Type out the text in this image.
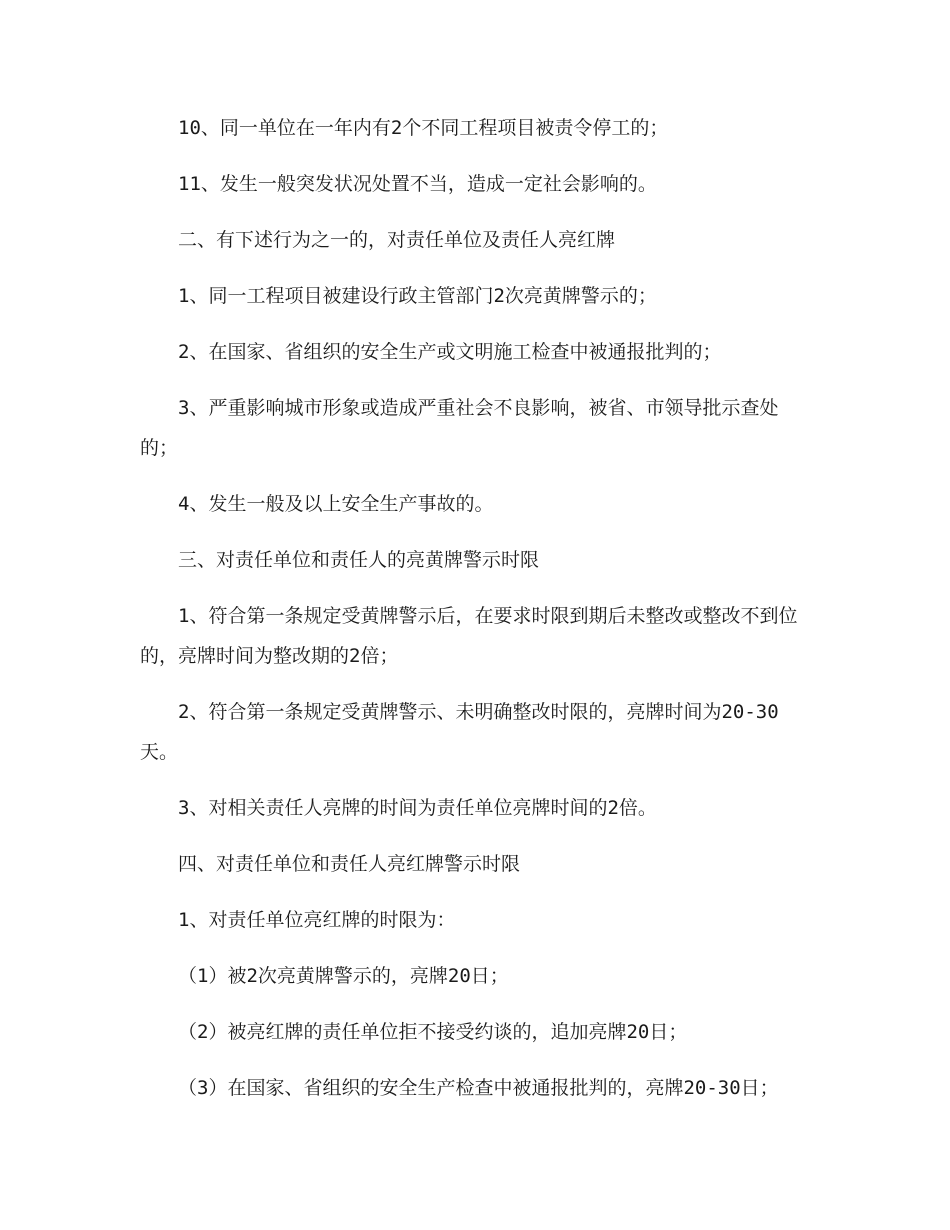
10、同一单位在一年内有2个不同工程项目被责令停工的；

11、发生一般突发状况处置不当，造成一定社会影响的。

二、有下述行为之一的，对责任单位及责任人亮红牌

1、同一工程项目被建设行政主管部门2次亮黄牌警示的；

2、在国家、省组织的安全生产或文明施工检查中被通报批判的；

3、严重影响城市形象或造成严重社会不良影响，被省、市领导批示查处的；

4、发生一般及以上安全生产事故的。

三、对责任单位和责任人的亮黄牌警示时限

1、符合第一条规定受黄牌警示后，在要求时限到期后未整改或整改不到位的，亮牌时间为整改期的2倍；

2、符合第一条规定受黄牌警示、未明确整改时限的，亮牌时间为20-30天。

3、对相关责任人亮牌的时间为责任单位亮牌时间的2倍。

四、对责任单位和责任人亮红牌警示时限

1、对责任单位亮红牌的时限为：

（1）被2次亮黄牌警示的，亮牌20日；

（2）被亮红牌的责任单位拒不接受约谈的，追加亮牌20日；

（3）在国家、省组织的安全生产检查中被通报批判的，亮牌20-30日；
